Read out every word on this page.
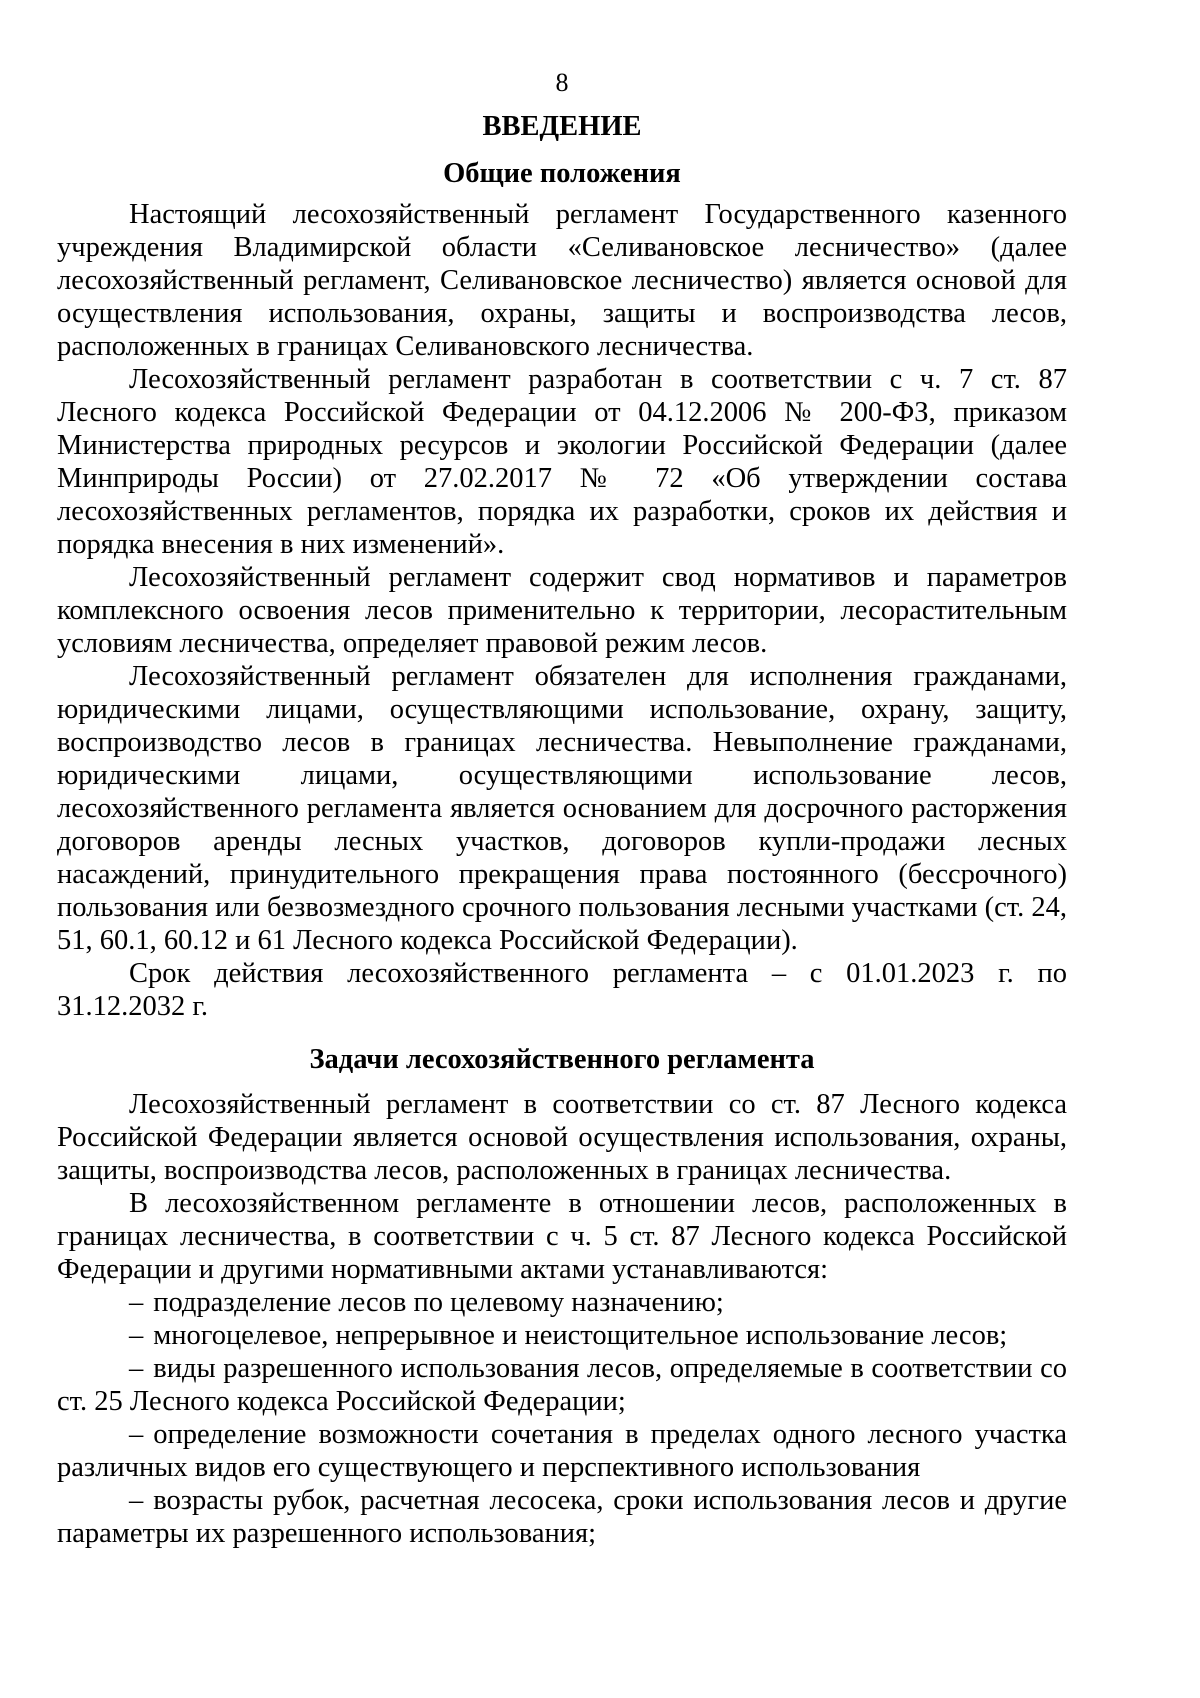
8
ВВЕДЕНИЕ
Общие положения

Настоящий лесохозяйственный регламент Государственного казенного учреждения Владимирской области «Селивановское лесничество» (далее лесохозяйственный регламент, Селивановское лесничество) является основой для осуществления использования, охраны, защиты и воспроизводства лесов, расположенных в границах Селивановского лесничества.

Лесохозяйственный регламент разработан в соответствии с ч. 7 ст. 87 Лесного кодекса Российской Федерации от 04.12.2006 № 200-ФЗ, приказом Министерства природных ресурсов и экологии Российской Федерации (далее Минприроды России) от 27.02.2017 № 72 «Об утверждении состава лесохозяйственных регламентов, порядка их разработки, сроков их действия и порядка внесения в них изменений».

Лесохозяйственный регламент содержит свод нормативов и параметров комплексного освоения лесов применительно к территории, лесорастительным условиям лесничества, определяет правовой режим лесов.

Лесохозяйственный регламент обязателен для исполнения гражданами, юридическими лицами, осуществляющими использование, охрану, защиту, воспроизводство лесов в границах лесничества. Невыполнение гражданами, юридическими лицами, осуществляющими использование лесов, лесохозяйственного регламента является основанием для досрочного расторжения договоров аренды лесных участков, договоров купли-продажи лесных насаждений, принудительного прекращения права постоянного (бессрочного) пользования или безвозмездного срочного пользования лесными участками (ст. 24, 51, 60.1, 60.12 и 61 Лесного кодекса Российской Федерации).

Срок действия лесохозяйственного регламента – с 01.01.2023 г. по 31.12.2032 г.

Задачи лесохозяйственного регламента

Лесохозяйственный регламент в соответствии со ст. 87 Лесного кодекса Российской Федерации является основой осуществления использования, охраны, защиты, воспроизводства лесов, расположенных в границах лесничества.

В лесохозяйственном регламенте в отношении лесов, расположенных в границах лесничества, в соответствии с ч. 5 ст. 87 Лесного кодекса Российской Федерации и другими нормативными актами устанавливаются:

– подразделение лесов по целевому назначению;
– многоцелевое, непрерывное и неистощительное использование лесов;
– виды разрешенного использования лесов, определяемые в соответствии со ст. 25 Лесного кодекса Российской Федерации;
– определение возможности сочетания в пределах одного лесного участка различных видов его существующего и перспективного использования
– возрасты рубок, расчетная лесосека, сроки использования лесов и другие параметры их разрешенного использования;
